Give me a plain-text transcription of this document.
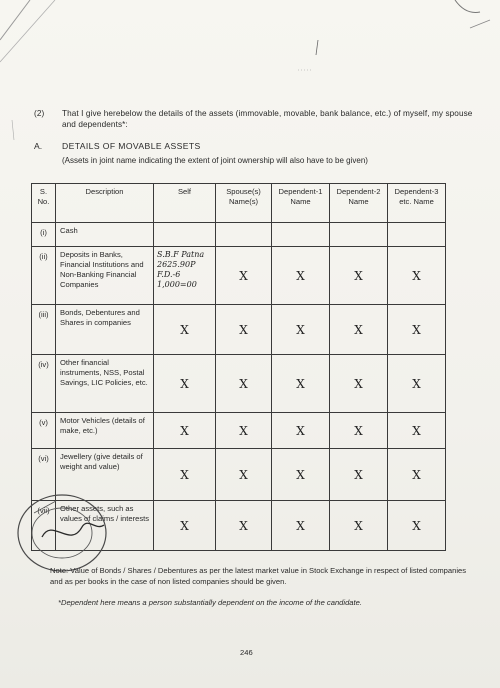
(2) That I give herebelow the details of the assets (immovable, movable, bank balance, etc.) of myself, my spouse and dependents*:
A. DETAILS OF MOVABLE ASSETS
(Assets in joint name indicating the extent of joint ownership will also have to be given)
S. No.	Description	Self	Spouse(s) Name(s)	Dependent-1 Name	Dependent-2 Name	Dependent-3 etc. Name
(i)	Cash					
(ii)	Deposits in Banks, Financial Institutions and Non-Banking Financial Companies	S.B.F Patna 2625.90P F.D.-6 1,000=00	X	X	X	X
(iii)	Bonds, Debentures and Shares in companies	X	X	X	X	X
(iv)	Other financial instruments, NSS, Postal Savings, LIC Policies, etc.	X	X	X	X	X
(v)	Motor Vehicles (details of make, etc.)	X	X	X	X	X
(vi)	Jewellery (give details of weight and value)	X	X	X	X	X
(vii)	Other assets, such as values of claims / interests	X	X	X	X	X
Note: Value of Bonds / Shares / Debentures as per the latest market value in Stock Exchange in respect of listed companies and as per books in the case of non listed companies should be given.
*Dependent here means a person substantially dependent on the income of the candidate.
246
